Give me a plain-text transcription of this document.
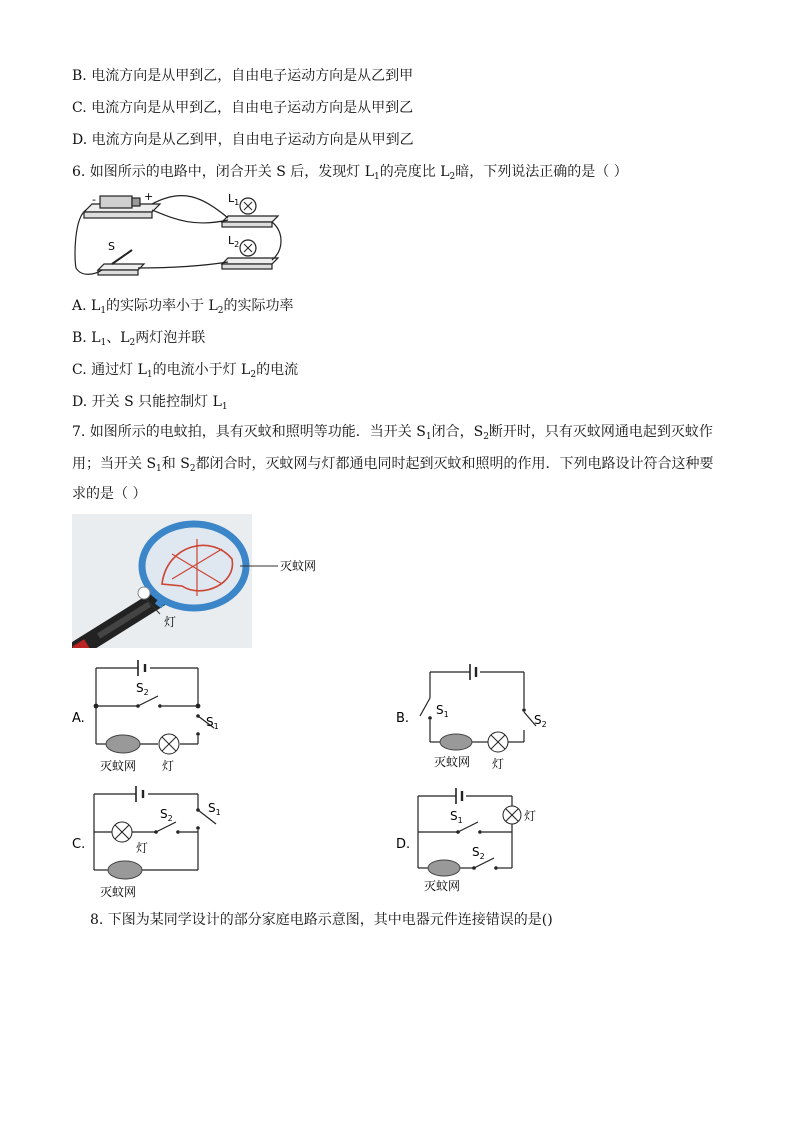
B. 电流方向是从甲到乙，自由电子运动方向是从乙到甲
C. 电流方向是从甲到乙，自由电子运动方向是从甲到乙
D. 电流方向是从乙到甲，自由电子运动方向是从甲到乙
6. 如图所示的电路中，闭合开关 S 后，发现灯 $L_1$的亮度比 $L_2$暗，下列说法正确的是（ ）
-	+
S
$L_1$
$L_2$
A. $L_1$的实际功率小于 $L_2$的实际功率
B. $L_1$、$L_2$两灯泡并联
C. 通过灯 $L_1$的电流小于灯 $L_2$的电流
D. 开关 S 只能控制灯 $L_1$
7. 如图所示的电蚊拍，具有灭蚊和照明等功能．当开关 $S_1$闭合，$S_2$断开时，只有灭蚊网通电起到灭蚊作
用；当开关 $S_1$和 $S_2$都闭合时，灭蚊网与灯都通电同时起到灭蚊和照明的作用．下列电路设计符合这种要
求的是（ ）
灭蚊网
灯
A.
$S_2$
$S_1$
灭蚊网 灯
B.
$S_1$	$S_2$
灭蚊网 灯
C.
$S_2$
$S_1$
灯
灭蚊网
D.
灯
$S_1$
$S_2$
灭蚊网
8. 下图为某同学设计的部分家庭电路示意图，其中电器元件连接错误的是()
